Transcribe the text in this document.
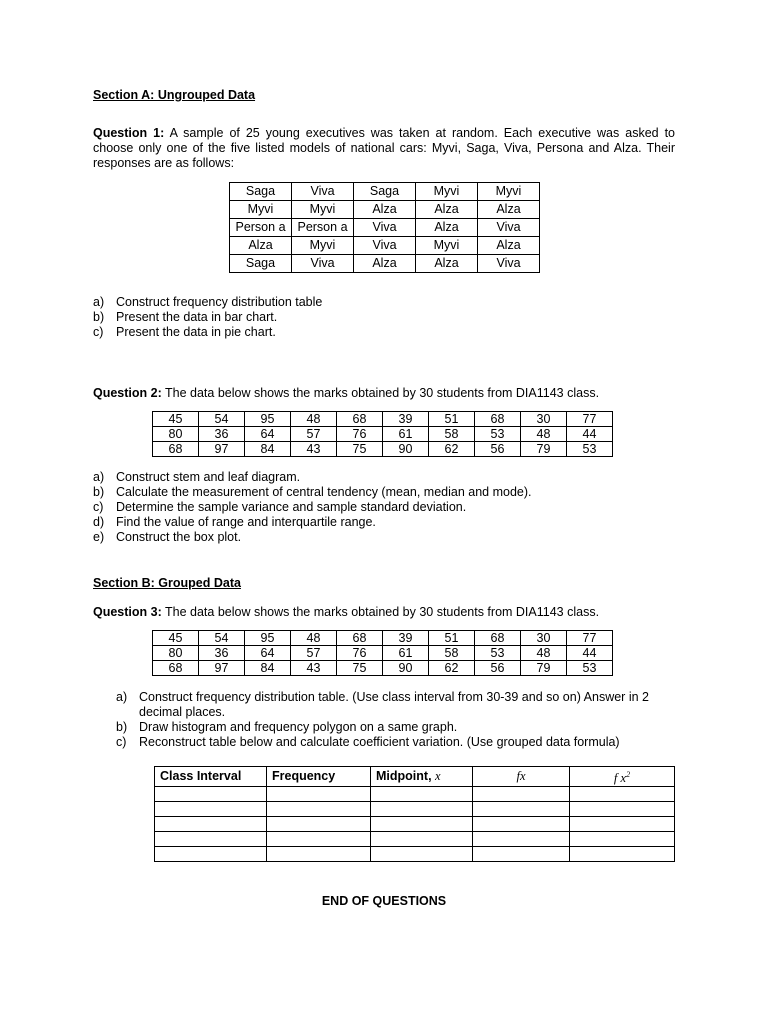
Section A: Ungrouped Data
Question 1: A sample of 25 young executives was taken at random. Each executive was asked to choose only one of the five listed models of national cars: Myvi, Saga, Viva, Persona and Alza. Their responses are as follows:
Saga	Viva	Saga	Myvi	Myvi
Myvi	Myvi	Alza	Alza	Alza
Person a	Person a	Viva	Alza	Viva
Alza	Myvi	Viva	Myvi	Alza
Saga	Viva	Alza	Alza	Viva
a) Construct frequency distribution table
b) Present the data in bar chart.
c) Present the data in pie chart.
Question 2: The data below shows the marks obtained by 30 students from DIA1143 class.
45	54	95	48	68	39	51	68	30	77
80	36	64	57	76	61	58	53	48	44
68	97	84	43	75	90	62	56	79	53
a) Construct stem and leaf diagram.
b) Calculate the measurement of central tendency (mean, median and mode).
c) Determine the sample variance and sample standard deviation.
d) Find the value of range and interquartile range.
e) Construct the box plot.
Section B: Grouped Data
Question 3: The data below shows the marks obtained by 30 students from DIA1143 class.
45	54	95	48	68	39	51	68	30	77
80	36	64	57	76	61	58	53	48	44
68	97	84	43	75	90	62	56	79	53
a) Construct frequency distribution table. (Use class interval from 30-39 and so on) Answer in 2 decimal places.
b) Draw histogram and frequency polygon on a same graph.
c) Reconstruct table below and calculate coefficient variation. (Use grouped data formula)
Class Interval	Frequency	Midpoint, x	fx	f $x^2$

END OF QUESTIONS
